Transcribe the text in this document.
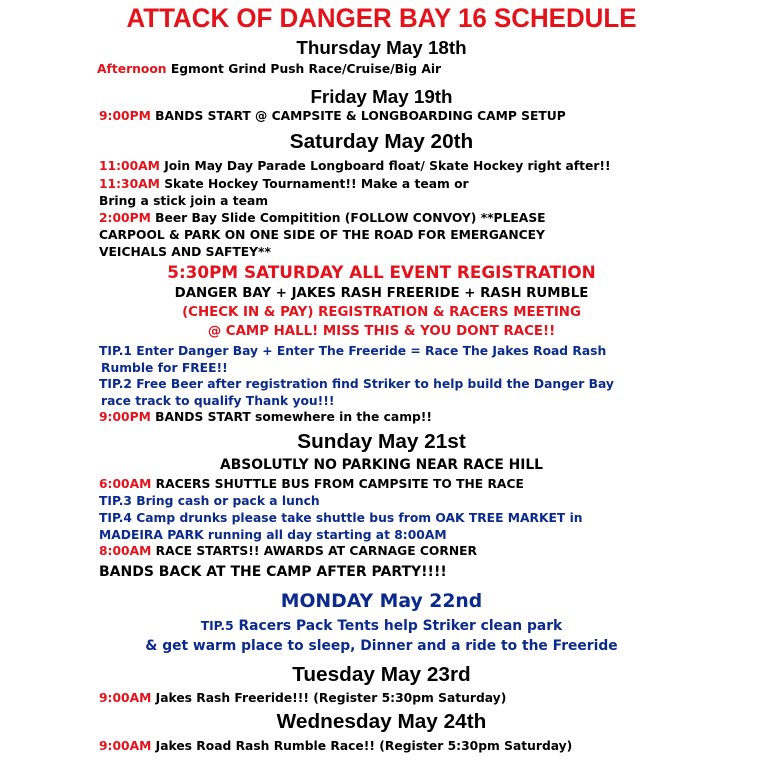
ATTACK OF DANGER BAY 16 SCHEDULE
Thursday May 18th
Afternoon Egmont Grind Push Race/Cruise/Big Air
Friday May 19th
9:00PM BANDS START @ CAMPSITE & LONGBOARDING CAMP SETUP
Saturday May 20th
11:00AM Join May Day Parade Longboard float/ Skate Hockey right after!!
11:30AM Skate Hockey Tournament!! Make a team or
Bring a stick join a team
2:00PM Beer Bay Slide Compitition (FOLLOW CONVOY) **PLEASE
CARPOOL & PARK ON ONE SIDE OF THE ROAD FOR EMERGANCEY
VEICHALS AND SAFTEY**
5:30PM SATURDAY ALL EVENT REGISTRATION
DANGER BAY + JAKES RASH FREERIDE + RASH RUMBLE
(CHECK IN & PAY) REGISTRATION & RACERS MEETING
@ CAMP HALL! MISS THIS & YOU DONT RACE!!
TIP.1 Enter Danger Bay + Enter The Freeride = Race The Jakes Road Rash
Rumble for FREE!!
TIP.2 Free Beer after registration find Striker to help build the Danger Bay
race track to qualify Thank you!!!
9:00PM BANDS START somewhere in the camp!!
Sunday May 21st
ABSOLUTLY NO PARKING NEAR RACE HILL
6:00AM RACERS SHUTTLE BUS FROM CAMPSITE TO THE RACE
TIP.3 Bring cash or pack a lunch
TIP.4 Camp drunks please take shuttle bus from OAK TREE MARKET in
MADEIRA PARK running all day starting at 8:00AM
8:00AM RACE STARTS!! AWARDS AT CARNAGE CORNER
BANDS BACK AT THE CAMP AFTER PARTY!!!!
MONDAY May 22nd
TIP.5 Racers Pack Tents help Striker clean park
& get warm place to sleep, Dinner and a ride to the Freeride
Tuesday May 23rd
9:00AM Jakes Rash Freeride!!! (Register 5:30pm Saturday)
Wednesday May 24th
9:00AM Jakes Road Rash Rumble Race!! (Register 5:30pm Saturday)
